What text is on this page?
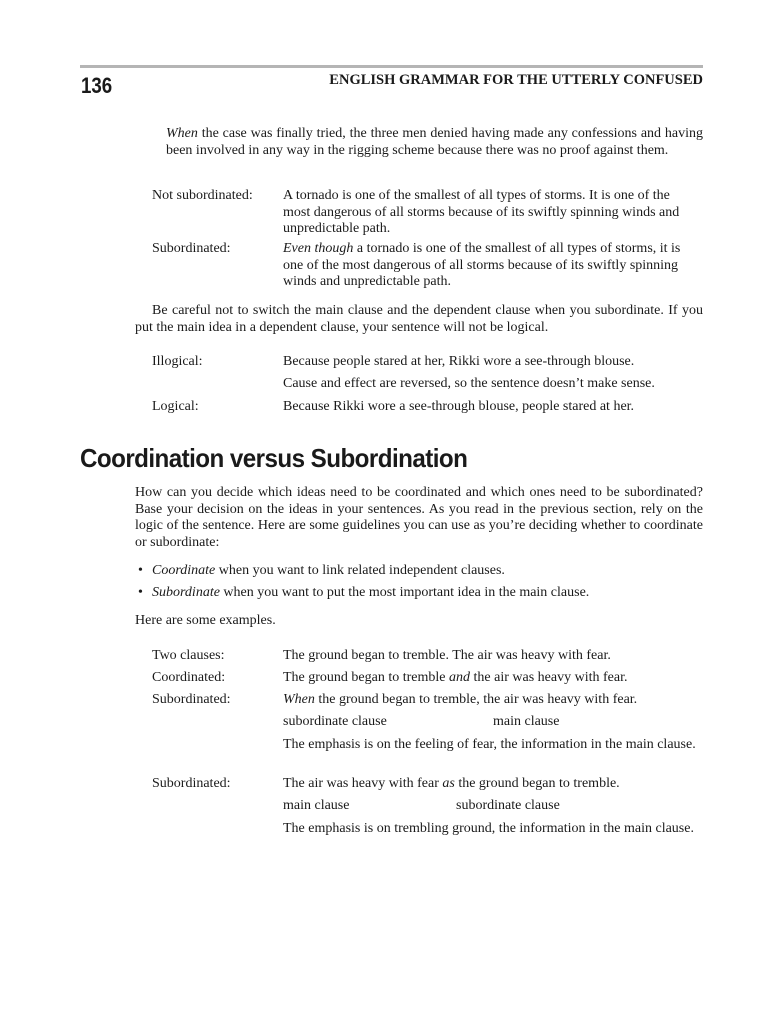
136	ENGLISH GRAMMAR FOR THE UTTERLY CONFUSED

When the case was finally tried, the three men denied having made any confessions and having been involved in any way in the rigging scheme because there was no proof against them.

Not subordinated: A tornado is one of the smallest of all types of storms. It is one of the most dangerous of all storms because of its swiftly spinning winds and unpredictable path.

Subordinated:	Even though a tornado is one of the smallest of all types of storms, it is one of the most dangerous of all storms because of its swiftly spinning winds and unpredictable path.

Be careful not to switch the main clause and the dependent clause when you subordinate. If you put the main idea in a dependent clause, your sentence will not be logical.

Illogical:	Because people stared at her, Rikki wore a see-through blouse.
Cause and effect are reversed, so the sentence doesn’t make sense.
Logical:	Because Rikki wore a see-through blouse, people stared at her.
Coordination versus Subordination

How can you decide which ideas need to be coordinated and which ones need to be subordinated? Base your decision on the ideas in your sentences. As you read in the previous section, rely on the logic of the sentence. Here are some guidelines you can use as you’re deciding whether to coordinate or subordinate:

• Coordinate when you want to link related independent clauses.
• Subordinate when you want to put the most important idea in the main clause.
Here are some examples.
Two clauses:	The ground began to tremble. The air was heavy with fear.
Coordinated:	The ground began to tremble and the air was heavy with fear.
Subordinated:	When the ground began to tremble, the air was heavy with fear.
subordinate clause	main clause

The emphasis is on the feeling of fear, the information in the main clause.

Subordinated:	The air was heavy with fear as the ground began to tremble.
main clause	subordinate clause

The emphasis is on trembling ground, the information in the main clause.
